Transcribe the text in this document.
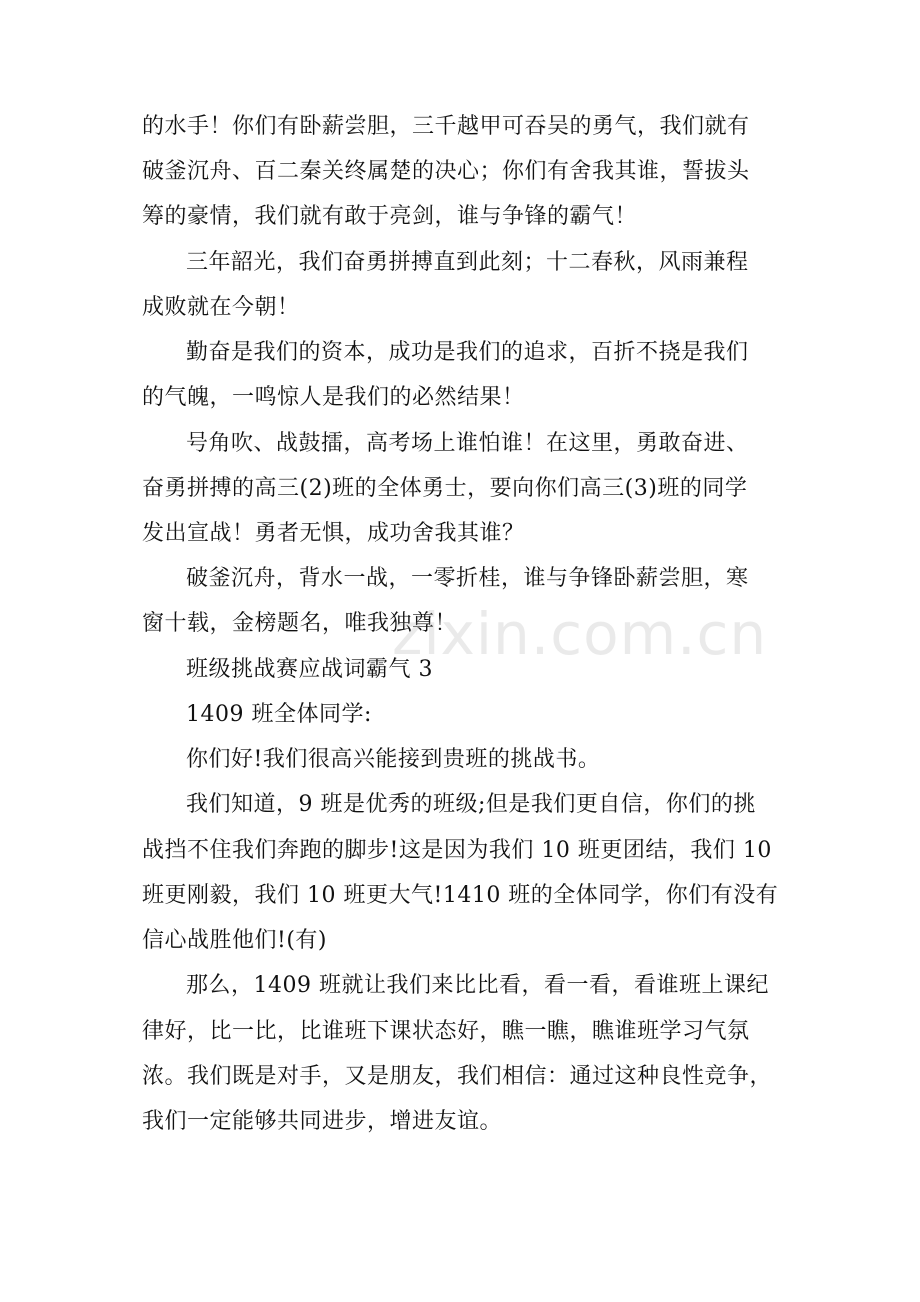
的水手！你们有卧薪尝胆，三千越甲可吞吴的勇气，我们就有
破釜沉舟、百二秦关终属楚的决心；你们有舍我其谁，誓拔头
筹的豪情，我们就有敢于亮剑，谁与争锋的霸气！
三年韶光，我们奋勇拼搏直到此刻；十二春秋，风雨兼程
成败就在今朝！
勤奋是我们的资本，成功是我们的追求，百折不挠是我们
的气魄，一鸣惊人是我们的必然结果！
号角吹、战鼓擂，高考场上谁怕谁！在这里，勇敢奋进、
奋勇拼搏的高三(2)班的全体勇士，要向你们高三(3)班的同学
发出宣战！勇者无惧，成功舍我其谁？
破釜沉舟，背水一战，一零折桂，谁与争锋卧薪尝胆，寒
窗十载，金榜题名，唯我独尊！
班级挑战赛应战词霸气 3
1409 班全体同学:
你们好!我们很高兴能接到贵班的挑战书。
我们知道，9 班是优秀的班级;但是我们更自信，你们的挑
战挡不住我们奔跑的脚步!这是因为我们 10 班更团结，我们 10
班更刚毅，我们 10 班更大气!1410 班的全体同学，你们有没有
信心战胜他们!(有)
那么，1409 班就让我们来比比看，看一看，看谁班上课纪
律好，比一比，比谁班下课状态好，瞧一瞧，瞧谁班学习气氛
浓。我们既是对手，又是朋友，我们相信：通过这种良性竞争，
我们一定能够共同进步，增进友谊。
zixin.com.cn
